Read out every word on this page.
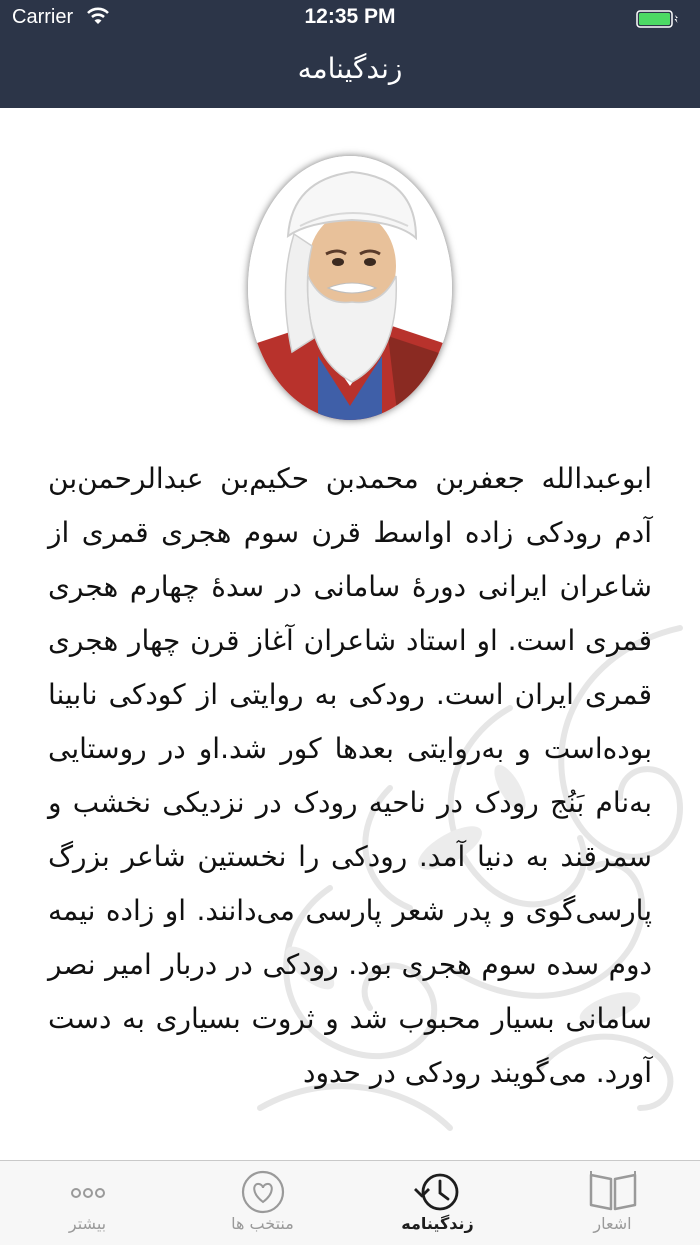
Carrier	12:35 PM
زندگینامه

ابوعبدالله جعفربن محمدبن حکیم‌بن عبدالرحمن‌بن آدم رودکی زاده اواسط قرن سوم هجری قمری از شاعران ایرانی دورهٔ سامانی در سدهٔ چهارم هجری قمری است. او استاد شاعران آغاز قرن چهار هجری قمری ایران است. رودکی به روایتی از کودکی نابینا بوده‌است و به‌روایتی بعدها کور شد.او در روستایی به‌نام بَنُج رودک در ناحیه رودک در نزدیکی نخشب و سمرقند به دنیا آمد. رودکی را نخستین شاعر بزرگ پارسی‌گوی و پدر شعر پارسی می‌دانند. او زاده نیمه دوم سده سوم هجری بود. رودکی در دربار امیر نصر سامانی بسیار محبوب شد و ثروت بسیاری به دست آورد. می‌گویند رودکی در حدود

اشعار
زندگینامه
منتخب ها
بیشتر
